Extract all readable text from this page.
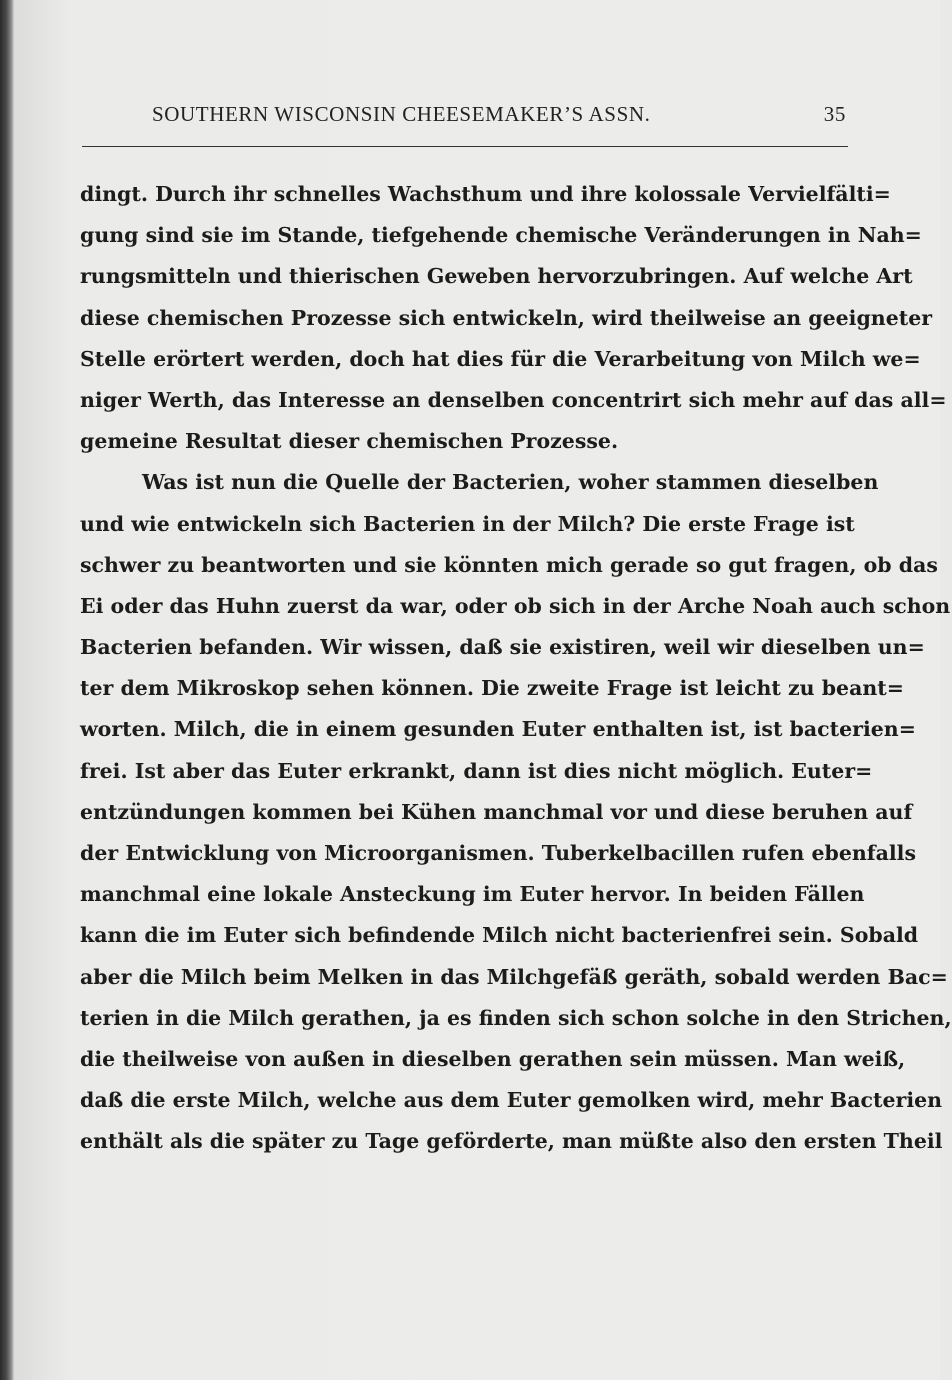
SOUTHERN WISCONSIN CHEESEMAKER’S ASSN.	35
dingt. Durch ihr schnelles Wachsthum und ihre kolossale Vervielfälti=
gung sind sie im Stande, tiefgehende chemische Veränderungen in Nah=
rungsmitteln und thierischen Geweben hervorzubringen. Auf welche Art
diese chemischen Prozesse sich entwickeln, wird theilweise an geeigneter
Stelle erörtert werden, doch hat dies für die Verarbeitung von Milch we=
niger Werth, das Interesse an denselben concentrirt sich mehr auf das all=
gemeine Resultat dieser chemischen Prozesse.
Was ist nun die Quelle der Bacterien, woher stammen dieselben
und wie entwickeln sich Bacterien in der Milch? Die erste Frage ist
schwer zu beantworten und sie könnten mich gerade so gut fragen, ob das
Ei oder das Huhn zuerst da war, oder ob sich in der Arche Noah auch schon
Bacterien befanden. Wir wissen, daß sie existiren, weil wir dieselben un=
ter dem Mikroskop sehen können. Die zweite Frage ist leicht zu beant=
worten. Milch, die in einem gesunden Euter enthalten ist, ist bacterien=
frei. Ist aber das Euter erkrankt, dann ist dies nicht möglich. Euter=
entzündungen kommen bei Kühen manchmal vor und diese beruhen auf
der Entwicklung von Microorganismen. Tuberkelbacillen rufen ebenfalls
manchmal eine lokale Ansteckung im Euter hervor. In beiden Fällen
kann die im Euter sich befindende Milch nicht bacterienfrei sein. Sobald
aber die Milch beim Melken in das Milchgefäß geräth, sobald werden Bac=
terien in die Milch gerathen, ja es finden sich schon solche in den Strichen,
die theilweise von außen in dieselben gerathen sein müssen. Man weiß,
daß die erste Milch, welche aus dem Euter gemolken wird, mehr Bacterien
enthält als die später zu Tage geförderte, man müßte also den ersten Theil
